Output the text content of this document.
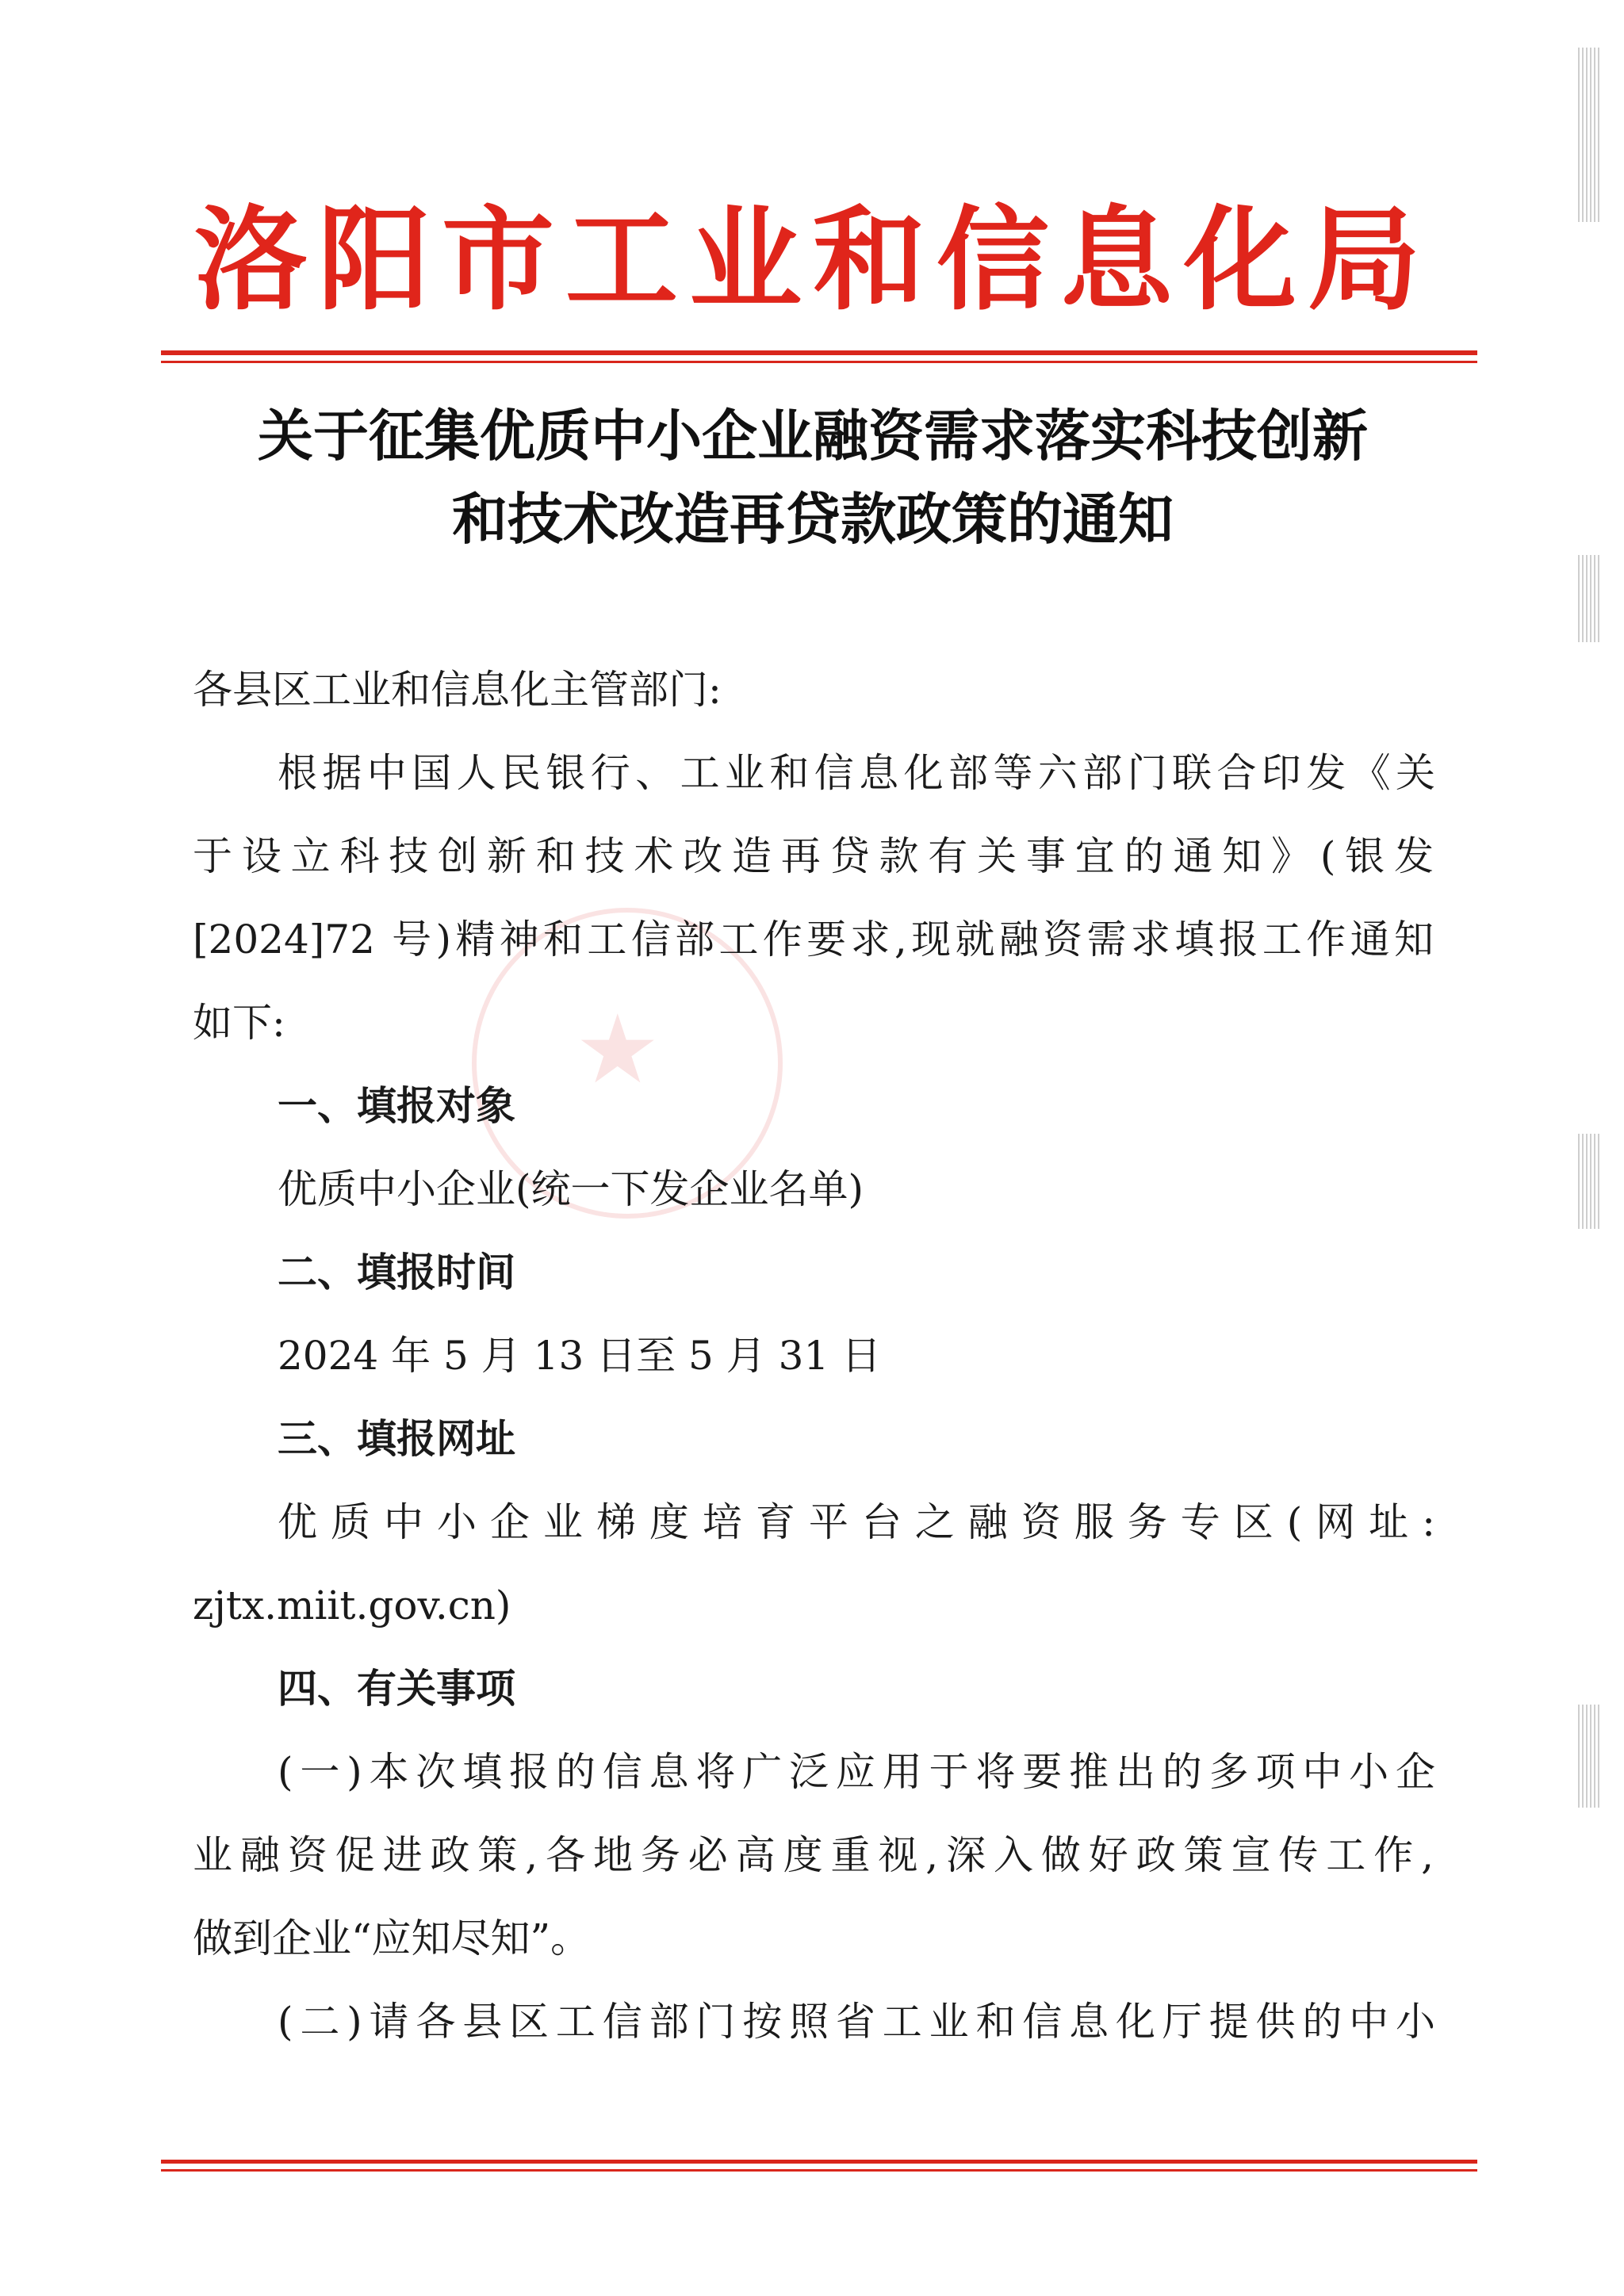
洛阳市工业和信息化局
关于征集优质中小企业融资需求落实科技创新
和技术改造再贷款政策的通知
★
各县区工业和信息化主管部门:
根据中国人民银行、工业和信息化部等六部门联合印发《关
于设立科技创新和技术改造再贷款有关事宜的通知》(银发
[2024]72 号)精神和工信部工作要求,现就融资需求填报工作通知
如下:
一、填报对象
优质中小企业(统一下发企业名单)
二、填报时间
2024 年 5 月 13 日至 5 月 31 日
三、填报网址
优质中小企业梯度培育平台之融资服务专区(网址:
zjtx.miit.gov.cn)
四、有关事项
(一)本次填报的信息将广泛应用于将要推出的多项中小企
业融资促进政策,各地务必高度重视,深入做好政策宣传工作,
做到企业“应知尽知”。
(二)请各县区工信部门按照省工业和信息化厅提供的中小
